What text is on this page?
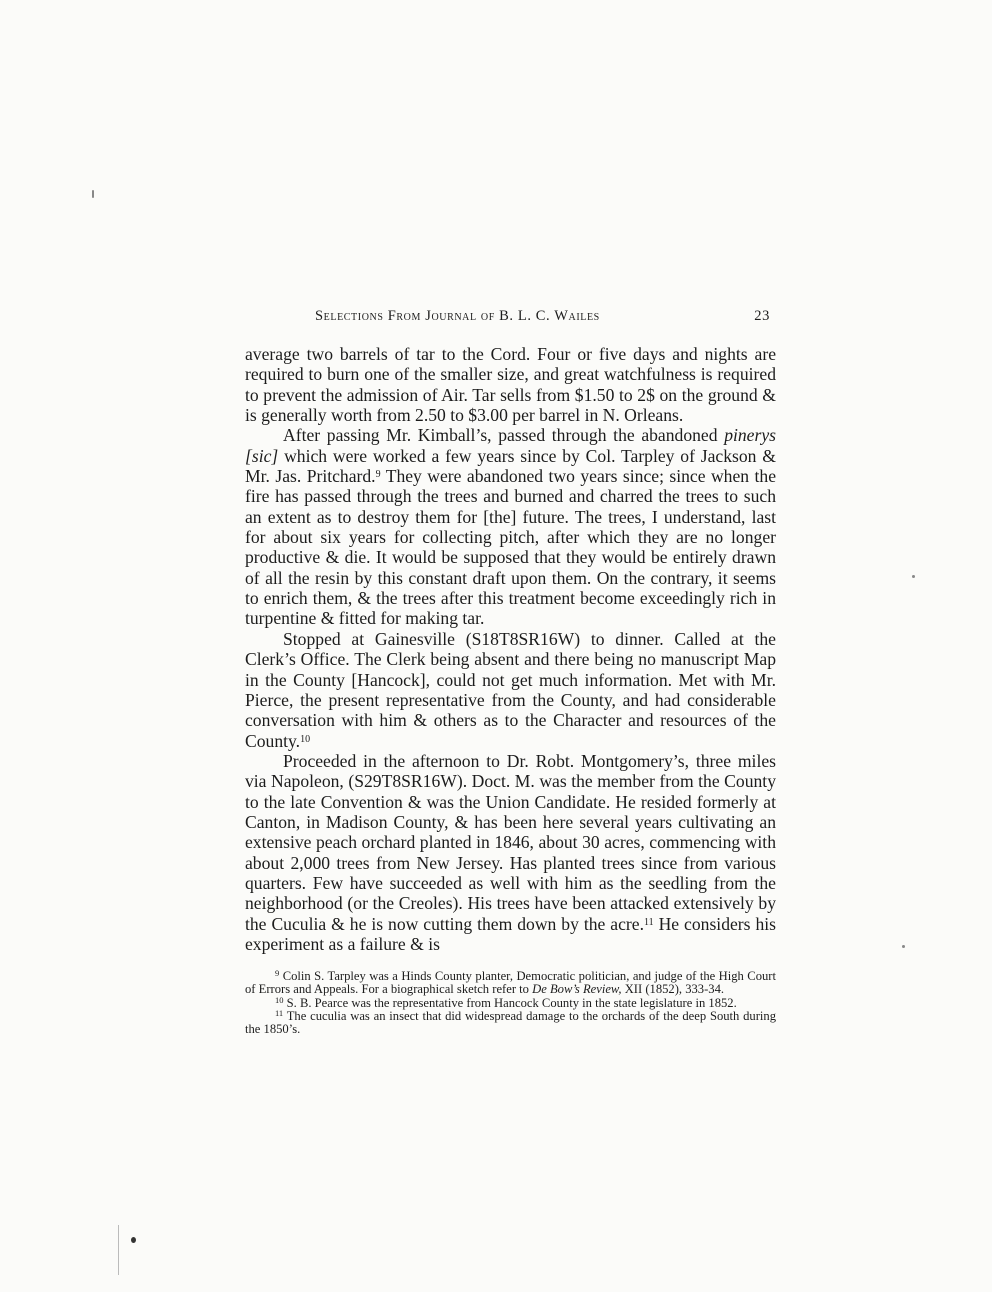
Selections From Journal of B. L. C. Wailes	23

average two barrels of tar to the Cord. Four or five days and nights are required to burn one of the smaller size, and great watchfulness is required to prevent the admission of Air. Tar sells from $1.50 to 2$ on the ground & is generally worth from 2.50 to $3.00 per barrel in N. Orleans.

After passing Mr. Kimball’s, passed through the abandoned pinerys [sic] which were worked a few years since by Col. Tarpley of Jackson & Mr. Jas. Pritchard.$^9$ They were abandoned two years since; since when the fire has passed through the trees and burned and charred the trees to such an extent as to destroy them for [the] future. The trees, I understand, last for about six years for collecting pitch, after which they are no longer productive & die. It would be supposed that they would be entirely drawn of all the resin by this constant draft upon them. On the contrary, it seems to enrich them, & the trees after this treatment become exceedingly rich in turpentine & fitted for making tar.

Stopped at Gainesville (S18T8SR16W) to dinner. Called at the Clerk’s Office. The Clerk being absent and there being no manuscript Map in the County [Hancock], could not get much information. Met with Mr. Pierce, the present representative from the County, and had considerable conversation with him & others as to the Character and resources of the County.$^{10}$

Proceeded in the afternoon to Dr. Robt. Montgomery’s, three miles via Napoleon, (S29T8SR16W). Doct. M. was the member from the County to the late Convention & was the Union Candidate. He resided formerly at Canton, in Madison County, & has been here several years cultivating an extensive peach orchard planted in 1846, about 30 acres, commencing with about 2,000 trees from New Jersey. Has planted trees since from various quarters. Few have succeeded as well with him as the seedling from the neighborhood (or the Creoles). His trees have been attacked extensively by the Cuculia & he is now cutting them down by the acre.$^{11}$ He considers his experiment as a failure & is

$^9$ Colin S. Tarpley was a Hinds County planter, Democratic politician, and judge of the High Court of Errors and Appeals. For a biographical sketch refer to De Bow’s Review, XII (1852), 333-34.

$^{10}$ S. B. Pearce was the representative from Hancock County in the state legislature in 1852.

$^{11}$ The cuculia was an insect that did widespread damage to the orchards of the deep South during the 1850’s.
